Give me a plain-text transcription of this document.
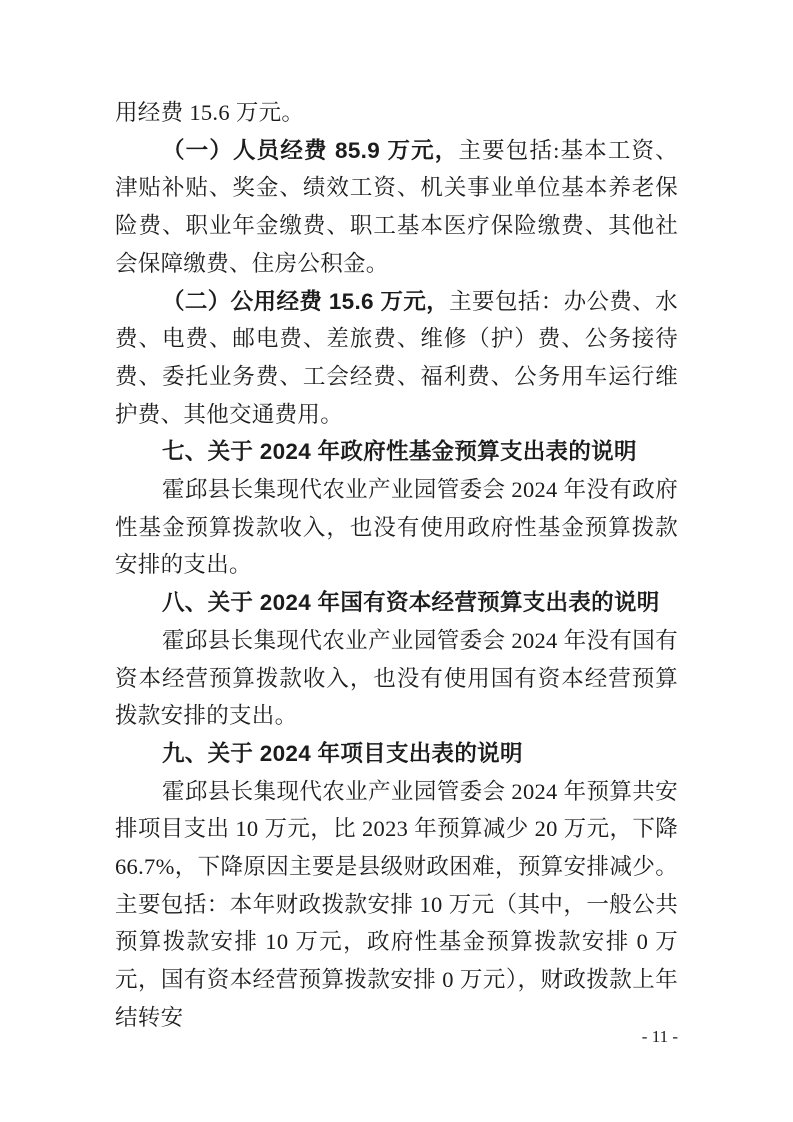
用经费 15.6 万元。

（一）人员经费 85.9 万元，主要包括:基本工资、津贴补贴、奖金、绩效工资、机关事业单位基本养老保险费、职业年金缴费、职工基本医疗保险缴费、其他社会保障缴费、住房公积金。

（二）公用经费 15.6 万元，主要包括：办公费、水费、电费、邮电费、差旅费、维修（护）费、公务接待费、委托业务费、工会经费、福利费、公务用车运行维护费、其他交通费用。

七、关于 2024 年政府性基金预算支出表的说明

霍邱县长集现代农业产业园管委会 2024 年没有政府性基金预算拨款收入，也没有使用政府性基金预算拨款安排的支出。

八、关于 2024 年国有资本经营预算支出表的说明

霍邱县长集现代农业产业园管委会 2024 年没有国有资本经营预算拨款收入，也没有使用国有资本经营预算拨款安排的支出。

九、关于 2024 年项目支出表的说明

霍邱县长集现代农业产业园管委会 2024 年预算共安排项目支出 10 万元，比 2023 年预算减少 20 万元，下降 66.7%，下降原因主要是县级财政困难，预算安排减少。主要包括：本年财政拨款安排 10 万元（其中，一般公共预算拨款安排 10 万元，政府性基金预算拨款安排 0 万元，国有资本经营预算拨款安排 0 万元），财政拨款上年结转安

- 11 -
